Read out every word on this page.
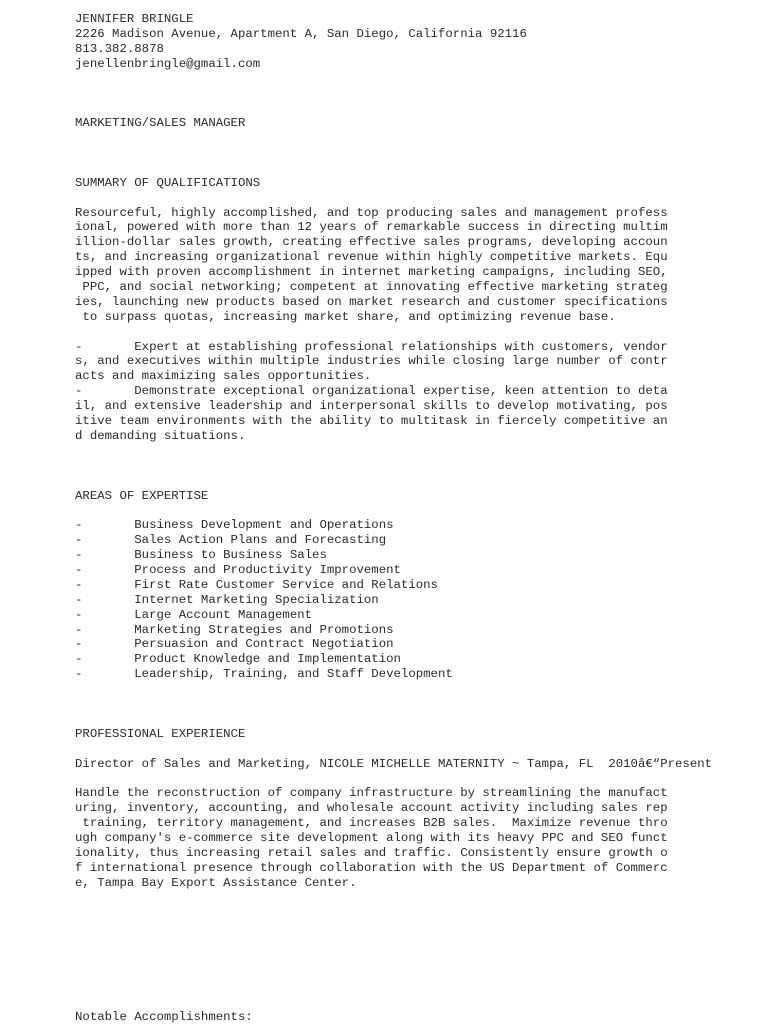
JENNIFER BRINGLE
2226 Madison Avenue, Apartment A, San Diego, California 92116
813.382.8878
jenellenbringle@gmail.com
MARKETING/SALES MANAGER
SUMMARY OF QUALIFICATIONS
Resourceful, highly accomplished, and top producing sales and management profess
ional, powered with more than 12 years of remarkable success in directing multim
illion-dollar sales growth, creating effective sales programs, developing accoun
ts, and increasing organizational revenue within highly competitive markets. Equ
ipped with proven accomplishment in internet marketing campaigns, including SEO,
PPC, and social networking; competent at innovating effective marketing strateg
ies, launching new products based on market research and customer specifications
to surpass quotas, increasing market share, and optimizing revenue base.
-       Expert at establishing professional relationships with customers, vendor
s, and executives within multiple industries while closing large number of contr
acts and maximizing sales opportunities.
-       Demonstrate exceptional organizational expertise, keen attention to deta
il, and extensive leadership and interpersonal skills to develop motivating, pos
itive team environments with the ability to multitask in fiercely competitive an
d demanding situations.
AREAS OF EXPERTISE
-       Business Development and Operations
-       Sales Action Plans and Forecasting
-       Business to Business Sales
-       Process and Productivity Improvement
-       First Rate Customer Service and Relations
-       Internet Marketing Specialization
-       Large Account Management
-       Marketing Strategies and Promotions
-       Persuasion and Contract Negotiation
-       Product Knowledge and Implementation
-       Leadership, Training, and Staff Development
PROFESSIONAL EXPERIENCE
Director of Sales and Marketing, NICOLE MICHELLE MATERNITY ~ Tampa, FL  2010â€“Present
Handle the reconstruction of company infrastructure by streamlining the manufact
uring, inventory, accounting, and wholesale account activity including sales rep
training, territory management, and increases B2B sales.  Maximize revenue thro
ugh company's e-commerce site development along with its heavy PPC and SEO funct
ionality, thus increasing retail sales and traffic. Consistently ensure growth o
f international presence through collaboration with the US Department of Commerc
e, Tampa Bay Export Assistance Center.
Notable Accomplishments:
